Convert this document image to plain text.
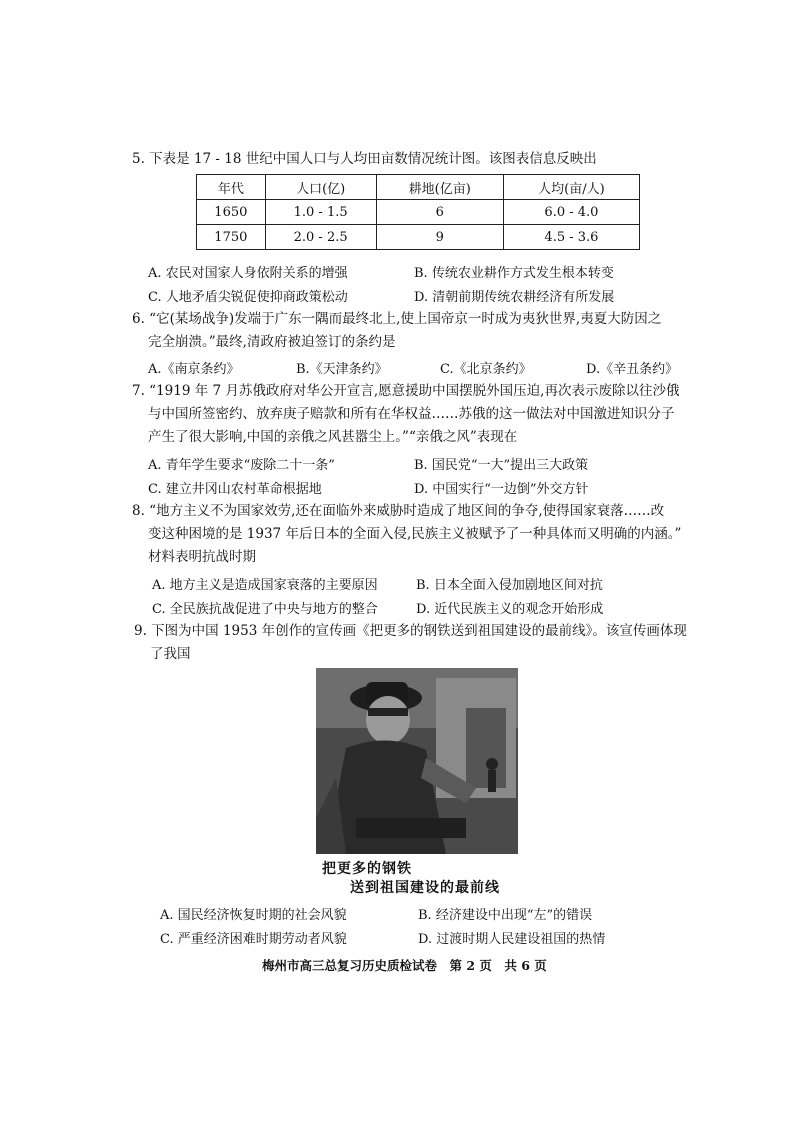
5. 下表是 17 - 18 世纪中国人口与人均田亩数情况统计图。该图表信息反映出
年代	人口(亿)	耕地(亿亩)	人均(亩/人)
1650	1.0 - 1.5	6	6.0 - 4.0
1750	2.0 - 2.5	9	4.5 - 3.6
A. 农民对国家人身依附关系的增强	B. 传统农业耕作方式发生根本转变
C. 人地矛盾尖锐促使抑商政策松动	D. 清朝前期传统农耕经济有所发展
6. “它(某场战争)发端于广东一隅而最终北上,使上国帝京一时成为夷狄世界,夷夏大防因之
完全崩溃。”最终,清政府被迫签订的条约是
A.《南京条约》	B.《天津条约》	C.《北京条约》	D.《辛丑条约》
7. “1919 年 7 月苏俄政府对华公开宣言,愿意援助中国摆脱外国压迫,再次表示废除以往沙俄
与中国所签密约、放弃庚子赔款和所有在华权益……苏俄的这一做法对中国激进知识分子
产生了很大影响,中国的亲俄之风甚嚣尘上。”“亲俄之风”表现在
A. 青年学生要求“废除二十一条”	B. 国民党“一大”提出三大政策
C. 建立井冈山农村革命根据地	D. 中国实行“一边倒”外交方针
8. “地方主义不为国家效劳,还在面临外来威胁时造成了地区间的争夺,使得国家衰落……改
变这种困境的是 1937 年后日本的全面入侵,民族主义被赋予了一种具体而又明确的内涵。”
材料表明抗战时期
A. 地方主义是造成国家衰落的主要原因	B. 日本全面入侵加剧地区间对抗
C. 全民族抗战促进了中央与地方的整合	D. 近代民族主义的观念开始形成
9. 下图为中国 1953 年创作的宣传画《把更多的钢铁送到祖国建设的最前线》。该宣传画体现
了我国
把更多的钢铁
送到祖国建设的最前线
A. 国民经济恢复时期的社会风貌	B. 经济建设中出现“左”的错误
C. 严重经济困难时期劳动者风貌	D. 过渡时期人民建设祖国的热情
梅州市高三总复习历史质检试卷　第 2 页　共 6 页
